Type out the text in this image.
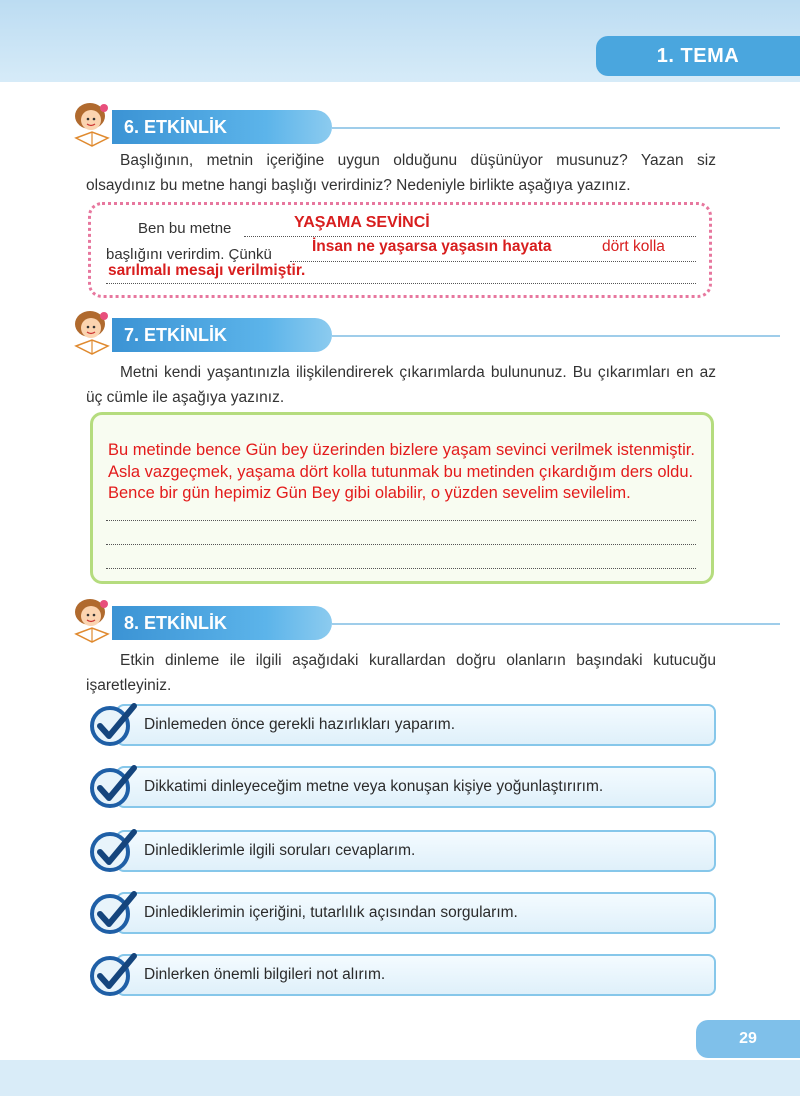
1. TEMA
6. ETKİNLİK
Başlığının, metnin içeriğine uygun olduğunu düşünüyor musunuz? Yazan siz olsaydınız bu metne hangi başlığı verirdiniz? Nedeniyle birlikte aşağıya yazınız.
Ben bu metne	YAŞAMA SEVİNCİ
başlığını verirdim. Çünkü	İnsan ne yaşarsa yaşasın hayata	dört kolla
sarılmalı mesajı verilmiştir.
7. ETKİNLİK
Metni kendi yaşantınızla ilişkilendirerek çıkarımlarda bulununuz. Bu çıkarımları en az üç cümle ile aşağıya yazınız.
Bu metinde bence Gün bey üzerinden bizlere yaşam sevinci verilmek istenmiştir. Asla vazgeçmek, yaşama dört kolla tutunmak bu metinden çıkardığım ders oldu. Bence bir gün hepimiz Gün Bey gibi olabilir, o yüzden sevelim sevilelim.
8. ETKİNLİK
Etkin dinleme ile ilgili aşağıdaki kurallardan doğru olanların başındaki kutucuğu işaretleyiniz.
Dinlemeden önce gerekli hazırlıkları yaparım.
Dikkatimi dinleyeceğim metne veya konuşan kişiye yoğunlaştırırım.
Dinlediklerimle ilgili soruları cevaplarım.
Dinlediklerimin içeriğini, tutarlılık açısından sorgularım.
Dinlerken önemli bilgileri not alırım.
29
